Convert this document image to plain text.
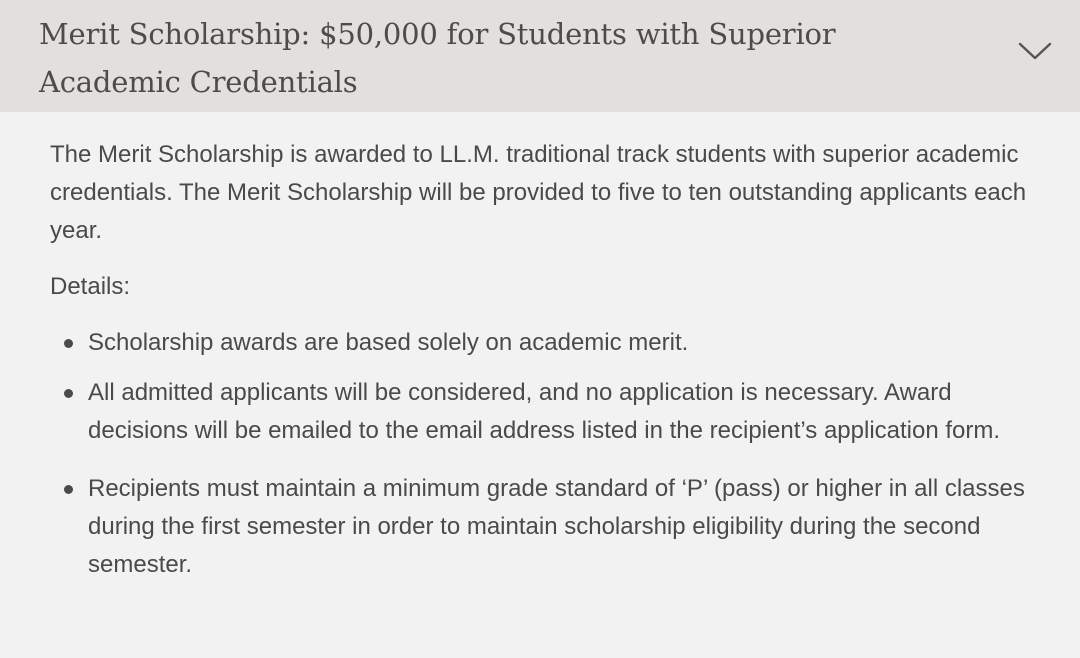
Merit Scholarship: $50,000 for Students with Superior Academic Credentials

The Merit Scholarship is awarded to LL.M. traditional track students with superior academic credentials. The Merit Scholarship will be provided to five to ten outstanding applicants each year.

Details:

Scholarship awards are based solely on academic merit.
All admitted applicants will be considered, and no application is necessary. Award decisions will be emailed to the email address listed in the recipient’s application form.
Recipients must maintain a minimum grade standard of ‘P’ (pass) or higher in all classes during the first semester in order to maintain scholarship eligibility during the second semester.
